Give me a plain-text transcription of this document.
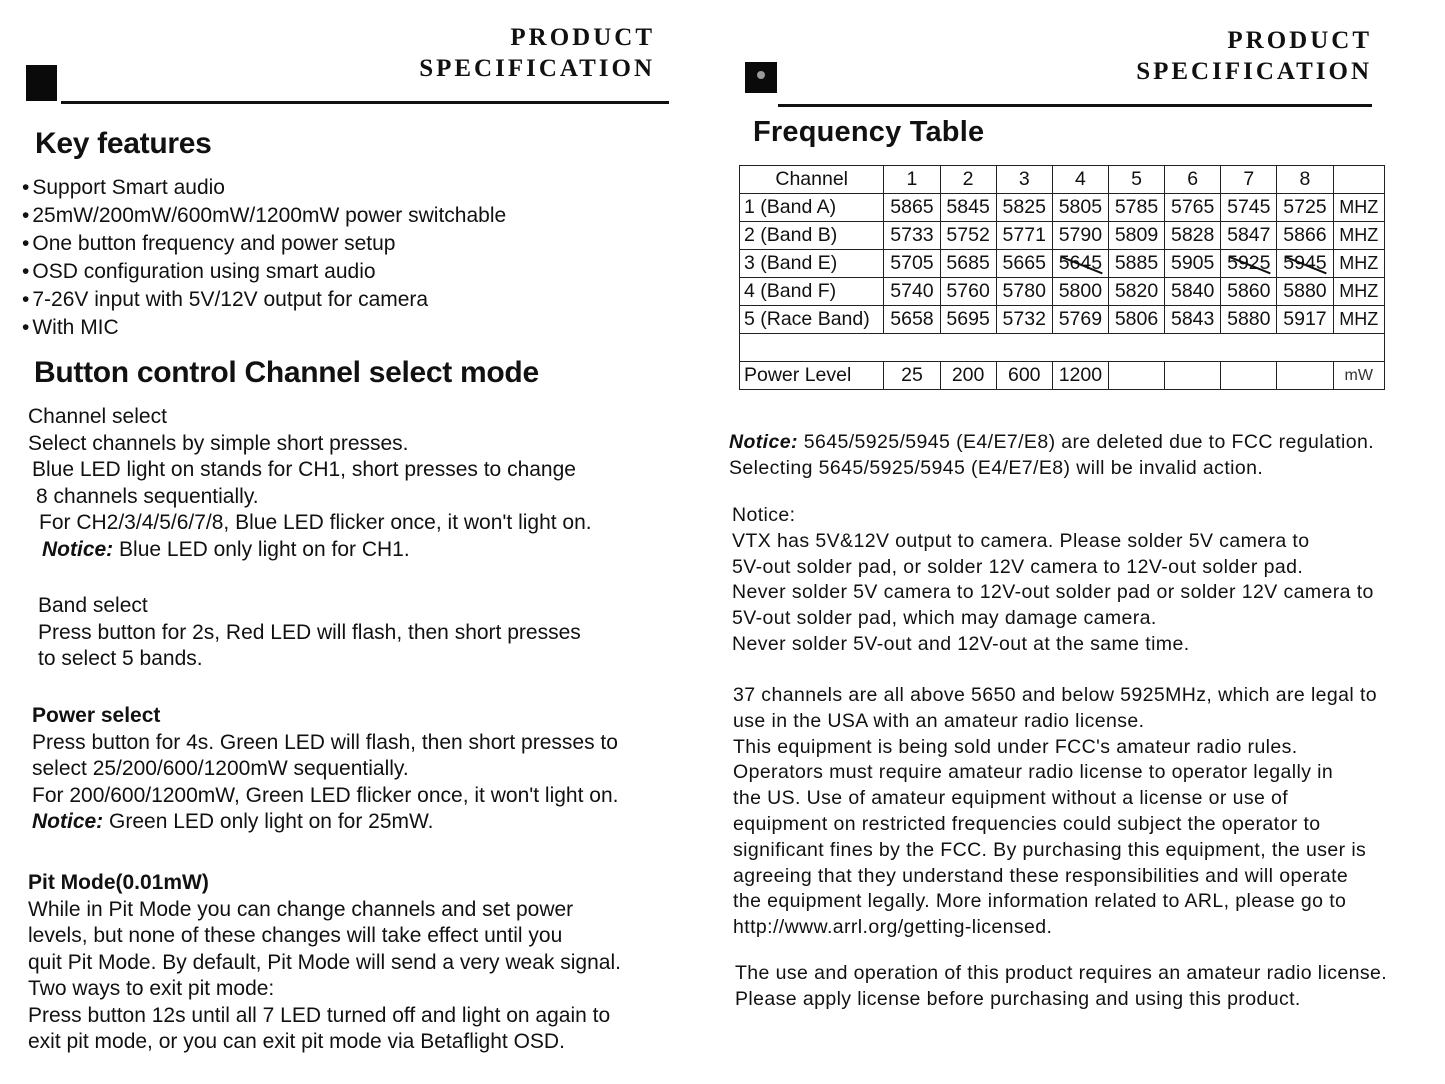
PRODUCT
SPECIFICATION
Key features
• Support Smart audio
• 25mW/200mW/600mW/1200mW power switchable
• One button frequency and power setup
• OSD configuration using smart audio
• 7-26V input with 5V/12V output for camera
• With MIC
Button control Channel select mode
Channel select
Select channels by simple short presses.
Blue LED light on stands for CH1, short presses to change
8 channels sequentially.
For CH2/3/4/5/6/7/8, Blue LED flicker once, it won't light on.
Notice: Blue LED only light on for CH1.
Band select
Press button for 2s, Red LED will flash, then short presses
to select 5 bands.
Power select
Press button for 4s. Green LED will flash, then short presses to
select 25/200/600/1200mW sequentially.
For 200/600/1200mW, Green LED flicker once, it won't light on.
Notice: Green LED only light on for 25mW.
Pit Mode(0.01mW)
While in Pit Mode you can change channels and set power
levels, but none of these changes will take effect until you
quit Pit Mode. By default, Pit Mode will send a very weak signal.
Two ways to exit pit mode:
Press button 12s until all 7 LED turned off and light on again to
exit pit mode, or you can exit pit mode via Betaflight OSD.
PRODUCT
SPECIFICATION
Frequency Table
Channel	1	2	3	4	5	6	7	8	
1 (Band A)	5865	5845	5825	5805	5785	5765	5745	5725	MHZ
2 (Band B)	5733	5752	5771	5790	5809	5828	5847	5866	MHZ
3 (Band E)	5705	5685	5665	5645	5885	5905	5925	5945	MHZ
4 (Band F)	5740	5760	5780	5800	5820	5840	5860	5880	MHZ
5 (Race Band)	5658	5695	5732	5769	5806	5843	5880	5917	MHZ

Power Level	25	200	600	1200					mW
Notice: 5645/5925/5945 (E4/E7/E8) are deleted due to FCC regulation.
Selecting 5645/5925/5945 (E4/E7/E8) will be invalid action.
Notice:
VTX has 5V&12V output to camera. Please solder 5V camera to
5V-out solder pad, or solder 12V camera to 12V-out solder pad.
Never solder 5V camera to 12V-out solder pad or solder 12V camera to
5V-out solder pad, which may damage camera.
Never solder 5V-out and 12V-out at the same time.
37 channels are all above 5650 and below 5925MHz, which are legal to
use in the USA with an amateur radio license.
This equipment is being sold under FCC's amateur radio rules.
Operators must require amateur radio license to operator legally in
the US. Use of amateur equipment without a license or use of
equipment on restricted frequencies could subject the operator to
significant fines by the FCC. By purchasing this equipment, the user is
agreeing that they understand these responsibilities and will operate
the equipment legally. More information related to ARL, please go to
http://www.arrl.org/getting-licensed.
The use and operation of this product requires an amateur radio license.
Please apply license before purchasing and using this product.
